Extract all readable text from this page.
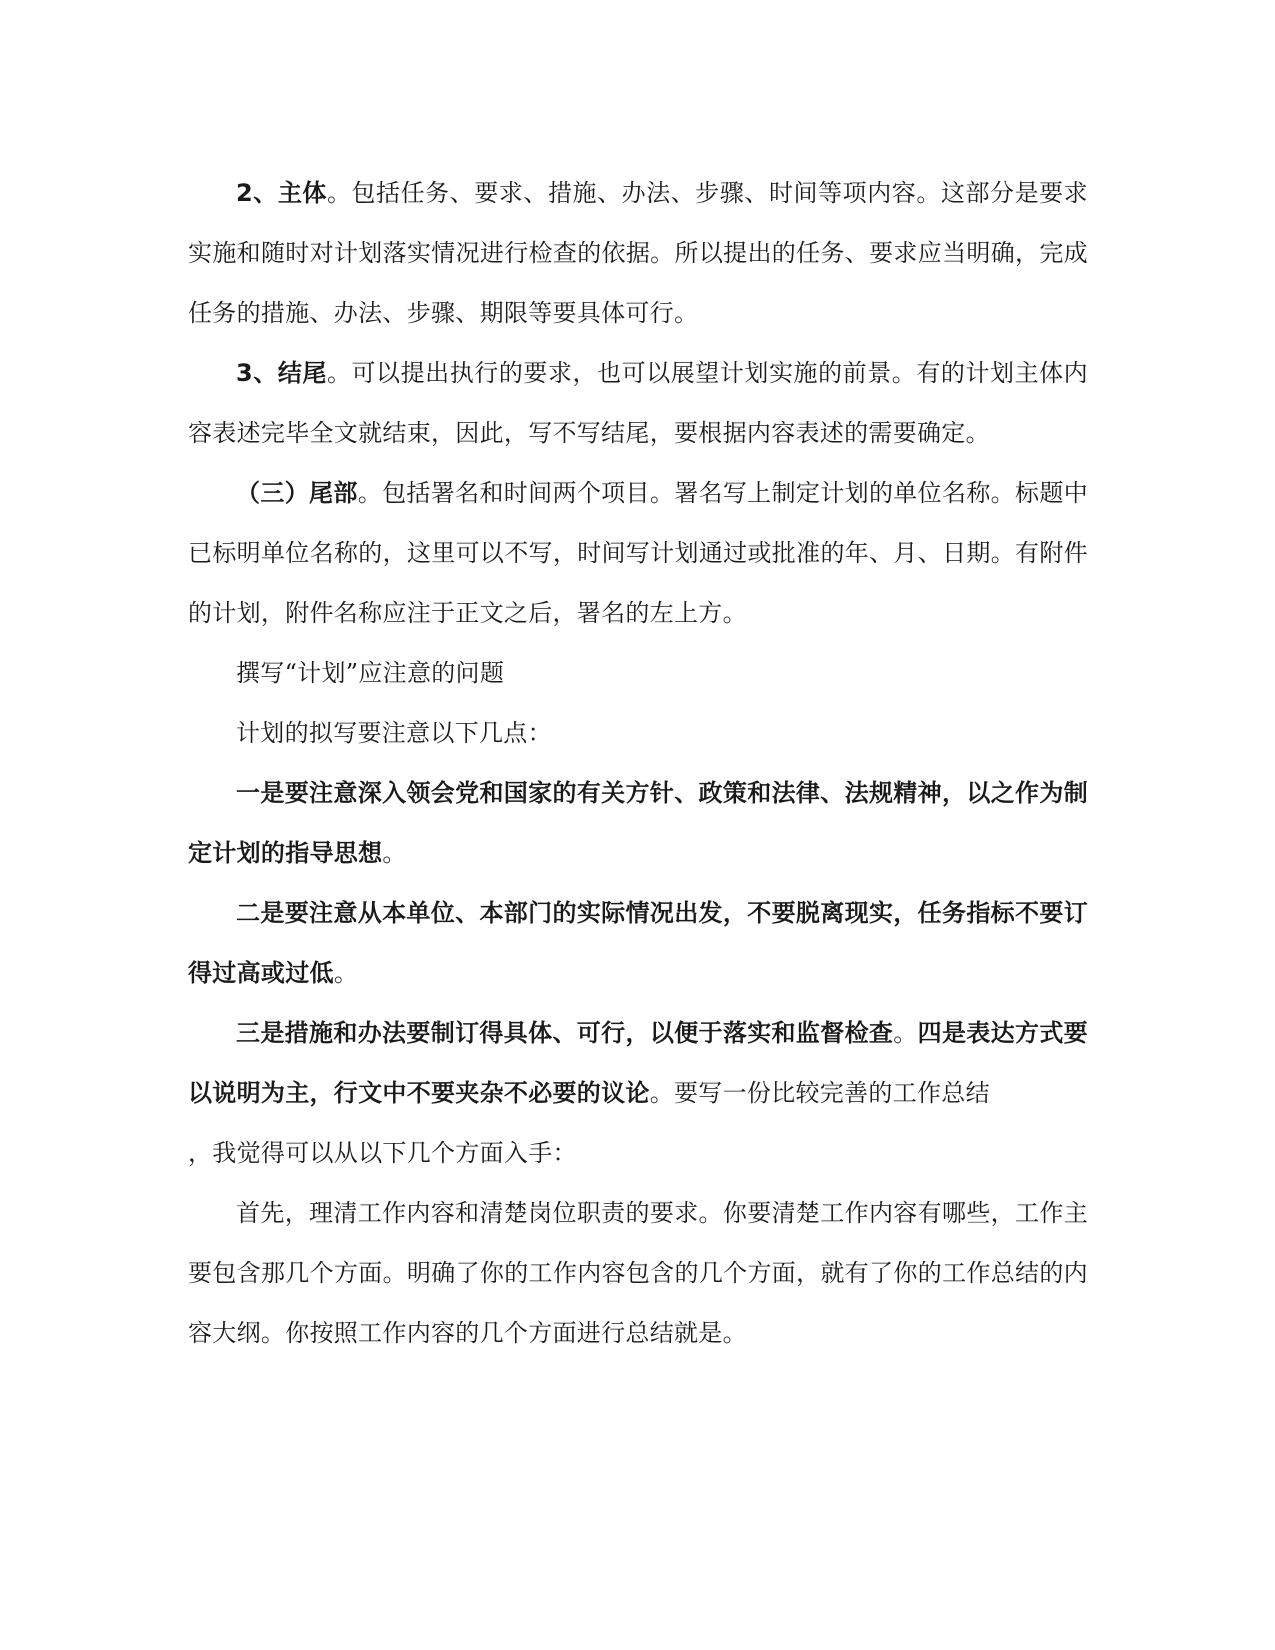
2、主体。包括任务、要求、措施、办法、步骤、时间等项内容。这部分是要求实施和随时对计划落实情况进行检查的依据。所以提出的任务、要求应当明确，完成任务的措施、办法、步骤、期限等要具体可行。

3、结尾。可以提出执行的要求，也可以展望计划实施的前景。有的计划主体内容表述完毕全文就结束，因此，写不写结尾，要根据内容表述的需要确定。

（三）尾部。包括署名和时间两个项目。署名写上制定计划的单位名称。标题中已标明单位名称的，这里可以不写，时间写计划通过或批准的年、月、日期。有附件的计划，附件名称应注于正文之后，署名的左上方。

撰写“计划”应注意的问题

计划的拟写要注意以下几点：

一是要注意深入领会党和国家的有关方针、政策和法律、法规精神，以之作为制定计划的指导思想。

二是要注意从本单位、本部门的实际情况出发，不要脱离现实，任务指标不要订得过高或过低。

三是措施和办法要制订得具体、可行，以便于落实和监督检查。四是表达方式要以说明为主，行文中不要夹杂不必要的议论。要写一份比较完善的工作总结
，我觉得可以从以下几个方面入手：

首先，理清工作内容和清楚岗位职责的要求。你要清楚工作内容有哪些，工作主要包含那几个方面。明确了你的工作内容包含的几个方面，就有了你的工作总结的内容大纲。你按照工作内容的几个方面进行总结就是。
